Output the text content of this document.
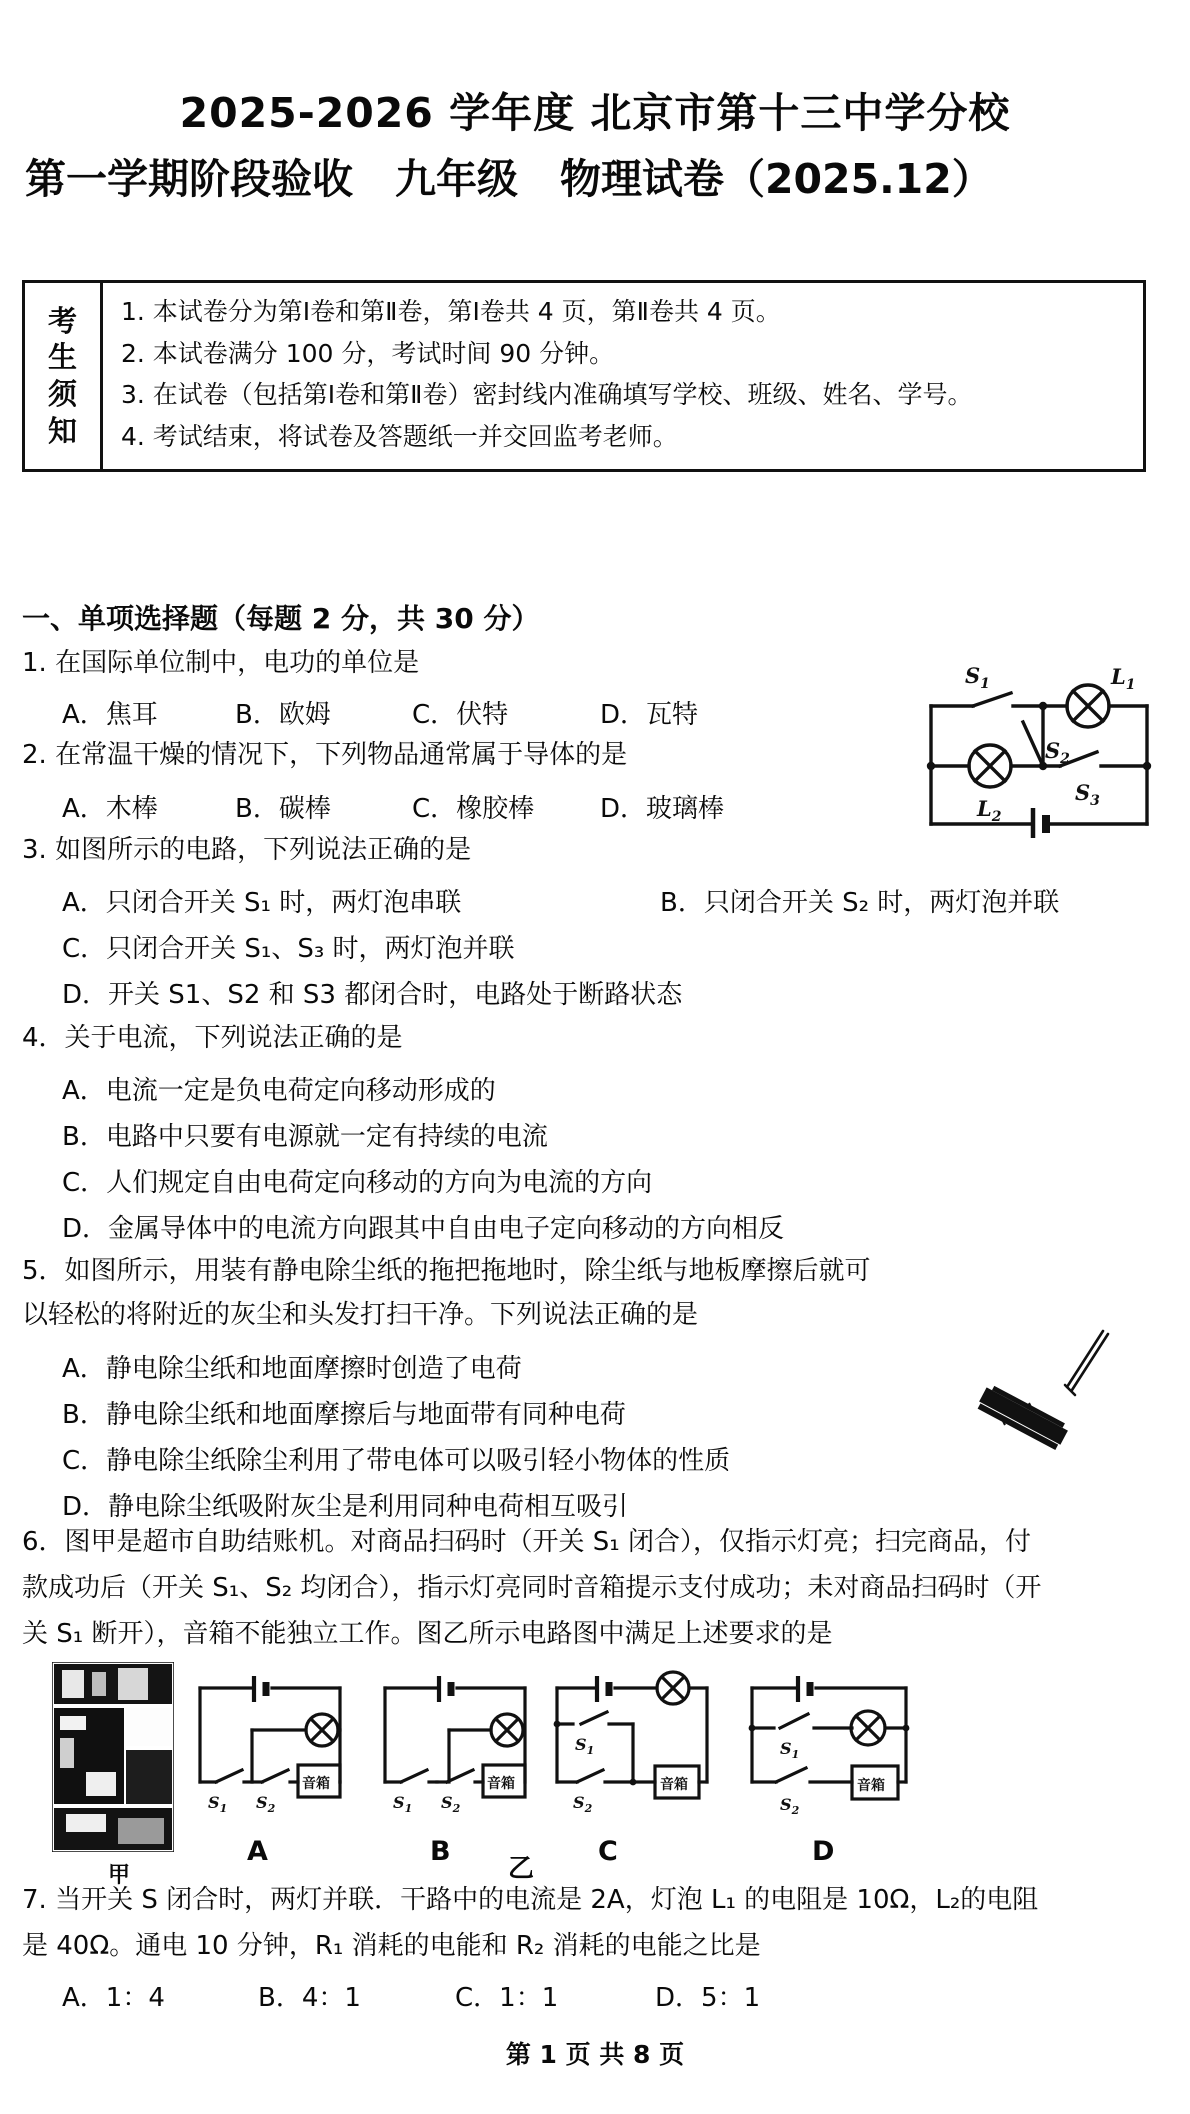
2025-2026 学年度 北京市第十三中学分校
第一学期阶段验收 九年级 物理试卷（2025.12）
考
生
须
知

1. 本试卷分为第Ⅰ卷和第Ⅱ卷，第Ⅰ卷共 4 页，第Ⅱ卷共 4 页。

2. 本试卷满分 100 分，考试时间 90 分钟。

3. 在试卷（包括第Ⅰ卷和第Ⅱ卷）密封线内准确填写学校、班级、姓名、学号。

4. 考试结束，将试卷及答题纸一并交回监考老师。

一、单项选择题（每题 2 分，共 30 分）
1. 在国际单位制中，电功的单位是
A．焦耳	B．欧姆	C．伏特	D．瓦特
2. 在常温干燥的情况下，下列物品通常属于导体的是
A．木棒	B．碳棒	C．橡胶棒	D．玻璃棒
$S_1$
$S_2$
$S_3$
$L_1$
$L_2$
3. 如图所示的电路，下列说法正确的是
A．只闭合开关 S₁ 时，两灯泡串联	B．只闭合开关 S₂ 时，两灯泡并联
C．只闭合开关 S₁、S₃ 时，两灯泡并联
D．开关 S1、S2 和 S3 都闭合时，电路处于断路状态
4．关于电流，下列说法正确的是
A．电流一定是负电荷定向移动形成的
B．电路中只要有电源就一定有持续的电流
C．人们规定自由电荷定向移动的方向为电流的方向
D．金属导体中的电流方向跟其中自由电子定向移动的方向相反
5．如图所示，用装有静电除尘纸的拖把拖地时，除尘纸与地板摩擦后就可
以轻松的将附近的灰尘和头发打扫干净。下列说法正确的是
A．静电除尘纸和地面摩擦时创造了电荷
B．静电除尘纸和地面摩擦后与地面带有同种电荷
C．静电除尘纸除尘利用了带电体可以吸引轻小物体的性质
D．静电除尘纸吸附灰尘是利用同种电荷相互吸引
6．图甲是超市自助结账机。对商品扫码时（开关 S₁ 闭合），仅指示灯亮；扫完商品，付
款成功后（开关 S₁、S₂ 均闭合），指示灯亮同时音箱提示支付成功；未对商品扫码时（开
关 S₁ 断开），音箱不能独立工作。图乙所示电路图中满足上述要求的是
甲
$S_1$ $S_2$
音箱
A
$S_1$ $S_2$
音箱
B
$S_1$
$S_2$
音箱
C
乙
$S_1$
$S_2$
音箱
D
7. 当开关 S 闭合时，两灯并联．干路中的电流是 2A，灯泡 L₁ 的电阻是 10Ω，L₂的电阻
是 40Ω。通电 10 分钟，R₁ 消耗的电能和 R₂ 消耗的电能之比是
A．1：4	B．4：1	C．1：1	D．5：1
第 1 页 共 8 页
